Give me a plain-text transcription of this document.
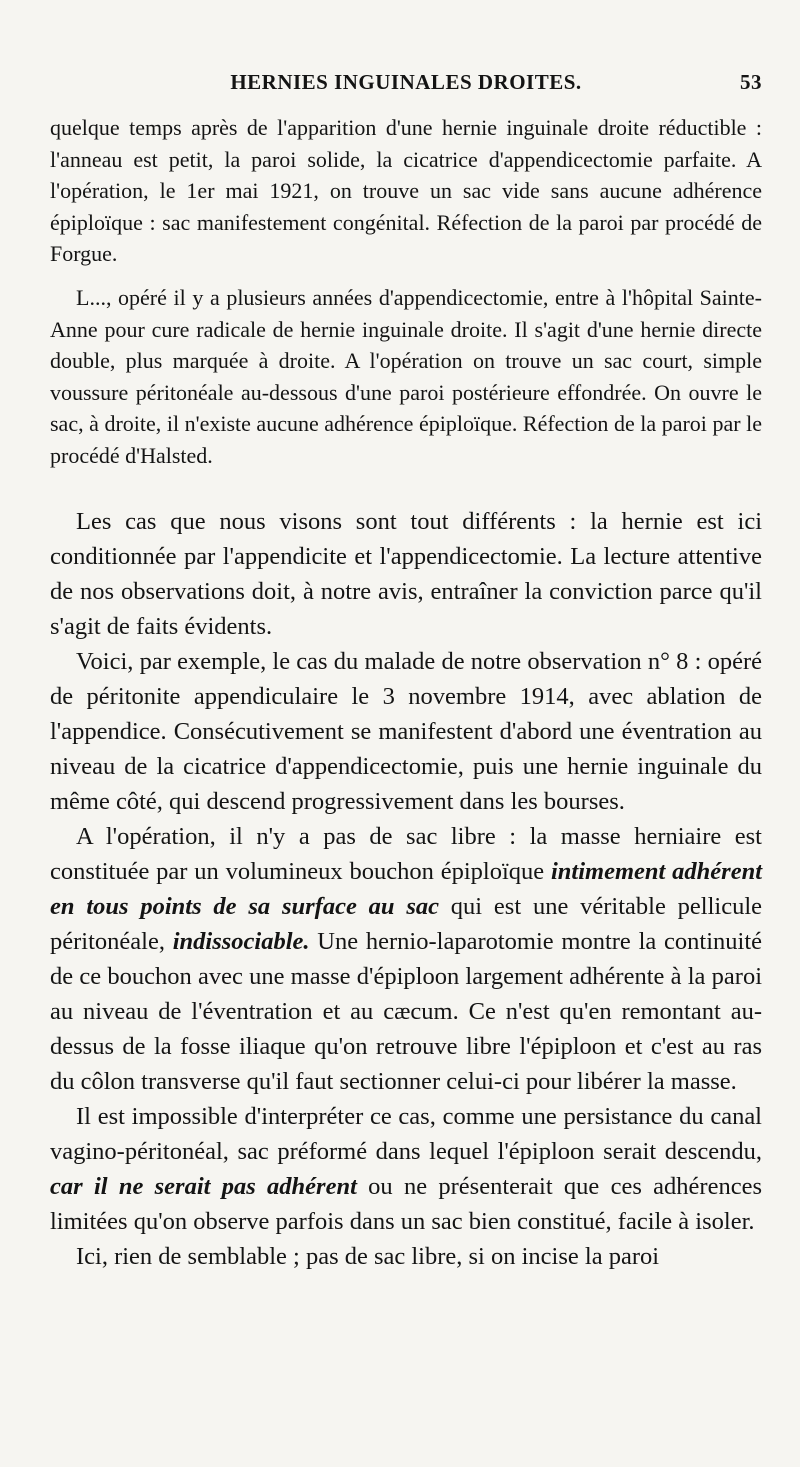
HERNIES INGUINALES DROITES.	53

quelque temps après de l'apparition d'une hernie inguinale droite réductible : l'anneau est petit, la paroi solide, la cicatrice d'appendicectomie parfaite. A l'opération, le 1er mai 1921, on trouve un sac vide sans aucune adhérence épiploïque : sac manifestement congénital. Réfection de la paroi par procédé de Forgue.

L..., opéré il y a plusieurs années d'appendicectomie, entre à l'hôpital Sainte-Anne pour cure radicale de hernie inguinale droite. Il s'agit d'une hernie directe double, plus marquée à droite. A l'opération on trouve un sac court, simple voussure péritonéale au-dessous d'une paroi postérieure effondrée. On ouvre le sac, à droite, il n'existe aucune adhérence épiploïque. Réfection de la paroi par le procédé d'Halsted.

Les cas que nous visons sont tout différents : la hernie est ici conditionnée par l'appendicite et l'appendicectomie. La lecture attentive de nos observations doit, à notre avis, entraîner la conviction parce qu'il s'agit de faits évidents.

Voici, par exemple, le cas du malade de notre observation n° 8 : opéré de péritonite appendiculaire le 3 novembre 1914, avec ablation de l'appendice. Consécutivement se manifestent d'abord une éventration au niveau de la cicatrice d'appendicectomie, puis une hernie inguinale du même côté, qui descend progressivement dans les bourses.

A l'opération, il n'y a pas de sac libre : la masse herniaire est constituée par un volumineux bouchon épiploïque intimement adhérent en tous points de sa surface au sac qui est une véritable pellicule péritonéale, indissociable. Une hernio-laparotomie montre la continuité de ce bouchon avec une masse d'épiploon largement adhérente à la paroi au niveau de l'éventration et au cæcum. Ce n'est qu'en remontant au-dessus de la fosse iliaque qu'on retrouve libre l'épiploon et c'est au ras du côlon transverse qu'il faut sectionner celui-ci pour libérer la masse.

Il est impossible d'interpréter ce cas, comme une persistance du canal vagino-péritonéal, sac préformé dans lequel l'épiploon serait descendu, car il ne serait pas adhérent ou ne présenterait que ces adhérences limitées qu'on observe parfois dans un sac bien constitué, facile à isoler.

Ici, rien de semblable ; pas de sac libre, si on incise la paroi
